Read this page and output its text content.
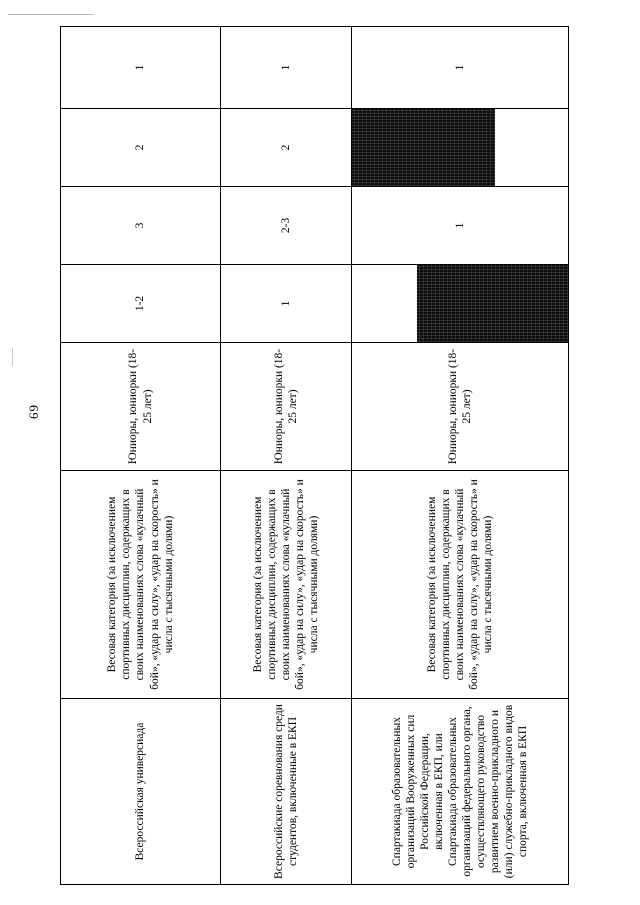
69
Всероссийская универсиада	Весовая категория (за исключением спортивных дисциплин, содержащих в своих наименованиях слова «кулачный бой», «удар на силу», «удар на скорость» и числа с тысячными долями)	Юниоры, юниорки (18-25 лет)	1-2	3	2	1
Всероссийские соревнования среди студентов, включенные в ЕКП	Весовая категория (за исключением спортивных дисциплин, содержащих в своих наименованиях слова «кулачный бой», «удар на силу», «удар на скорость» и числа с тысячными долями)	Юниоры, юниорки (18-25 лет)	1	2-3	2	1
Спартакиада образовательных организаций Вооруженных сил Российской Федерации, включенная в ЕКП, или Спартакиада образовательных организаций федерального органа, осуществляющего руководство развитием военно-прикладного и (или) служебно-прикладного видов спорта, включенная в ЕКП	Весовая категория (за исключением спортивных дисциплин, содержащих в своих наименованиях слова «кулачный бой», «удар на силу», «удар на скорость» и числа с тысячными долями)	Юниоры, юниорки (18-25 лет)		1		1
